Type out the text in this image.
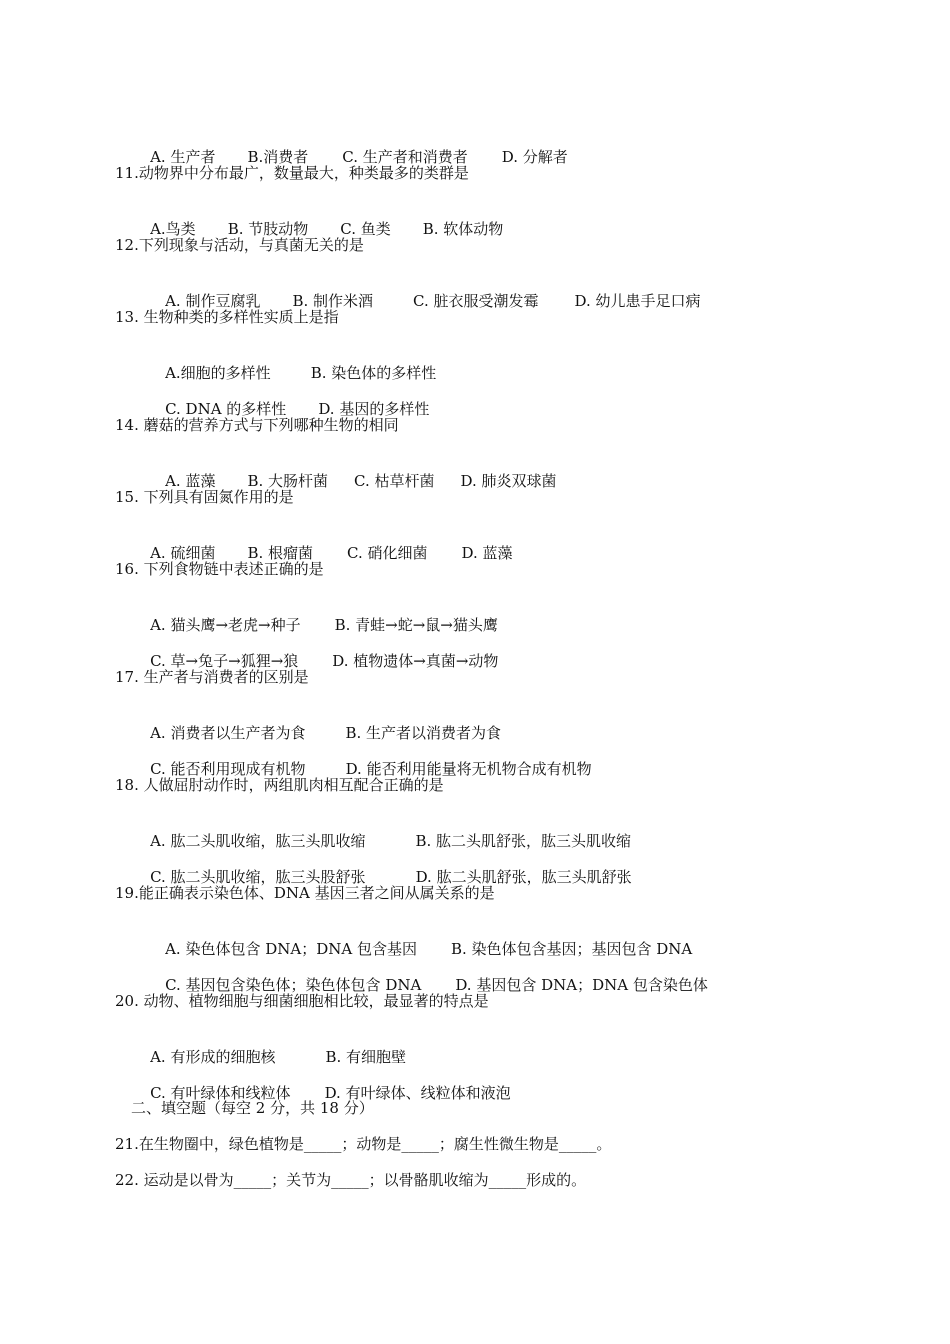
A. 生产者 B.消费者 C. 生产者和消费者 D. 分解者

11.动物界中分布最广，数量最大，种类最多的类群是

A.鸟类 B. 节肢动物 C. 鱼类 B. 软体动物

12.下列现象与活动，与真菌无关的是

A. 制作豆腐乳 B. 制作米酒	C. 脏衣服受潮发霉 D. 幼儿患手足口病

13. 生物种类的多样性实质上是指

A.细胞的多样性	B. 染色体的多样性

C. DNA 的多样性 D. 基因的多样性

14. 蘑菇的营养方式与下列哪种生物的相同

A. 蓝藻 B. 大肠杆菌 C. 枯草杆菌 D. 肺炎双球菌

15. 下列具有固氮作用的是

A. 硫细菌 B. 根瘤菌 C. 硝化细菌 D. 蓝藻

16. 下列食物链中表述正确的是

A. 猫头鹰→老虎→种子 B. 青蛙→蛇→鼠→猫头鹰

C. 草→兔子→狐狸→狼 D. 植物遗体→真菌→动物

17. 生产者与消费者的区别是

A. 消费者以生产者为食	B. 生产者以消费者为食

C. 能否利用现成有机物	D. 能否利用能量将无机物合成有机物

18. 人做屈肘动作时，两组肌肉相互配合正确的是

A. 肱二头肌收缩，肱三头肌收缩	B. 肱二头肌舒张，肱三头肌收缩

C. 肱二头肌收缩，肱三头股舒张	D. 肱二头肌舒张，肱三头肌舒张

19.能正确表示染色体、DNA 基因三者之间从属关系的是

A. 染色体包含 DNA；DNA 包含基因 B. 染色体包含基因；基因包含 DNA

C. 基因包含染色体；染色体包含 DNA D. 基因包含 DNA；DNA 包含染色体

20. 动物、植物细胞与细菌细胞相比较，最显著的特点是

A. 有形成的细胞核	B. 有细胞壁

C. 有叶绿体和线粒体 D. 有叶绿体、线粒体和液泡

二、填空题（每空 2 分，共 18 分）
21.在生物圈中，绿色植物是_____；动物是_____；腐生性微生物是_____。
22. 运动是以骨为_____；关节为_____；以骨骼肌收缩为_____形成的。
